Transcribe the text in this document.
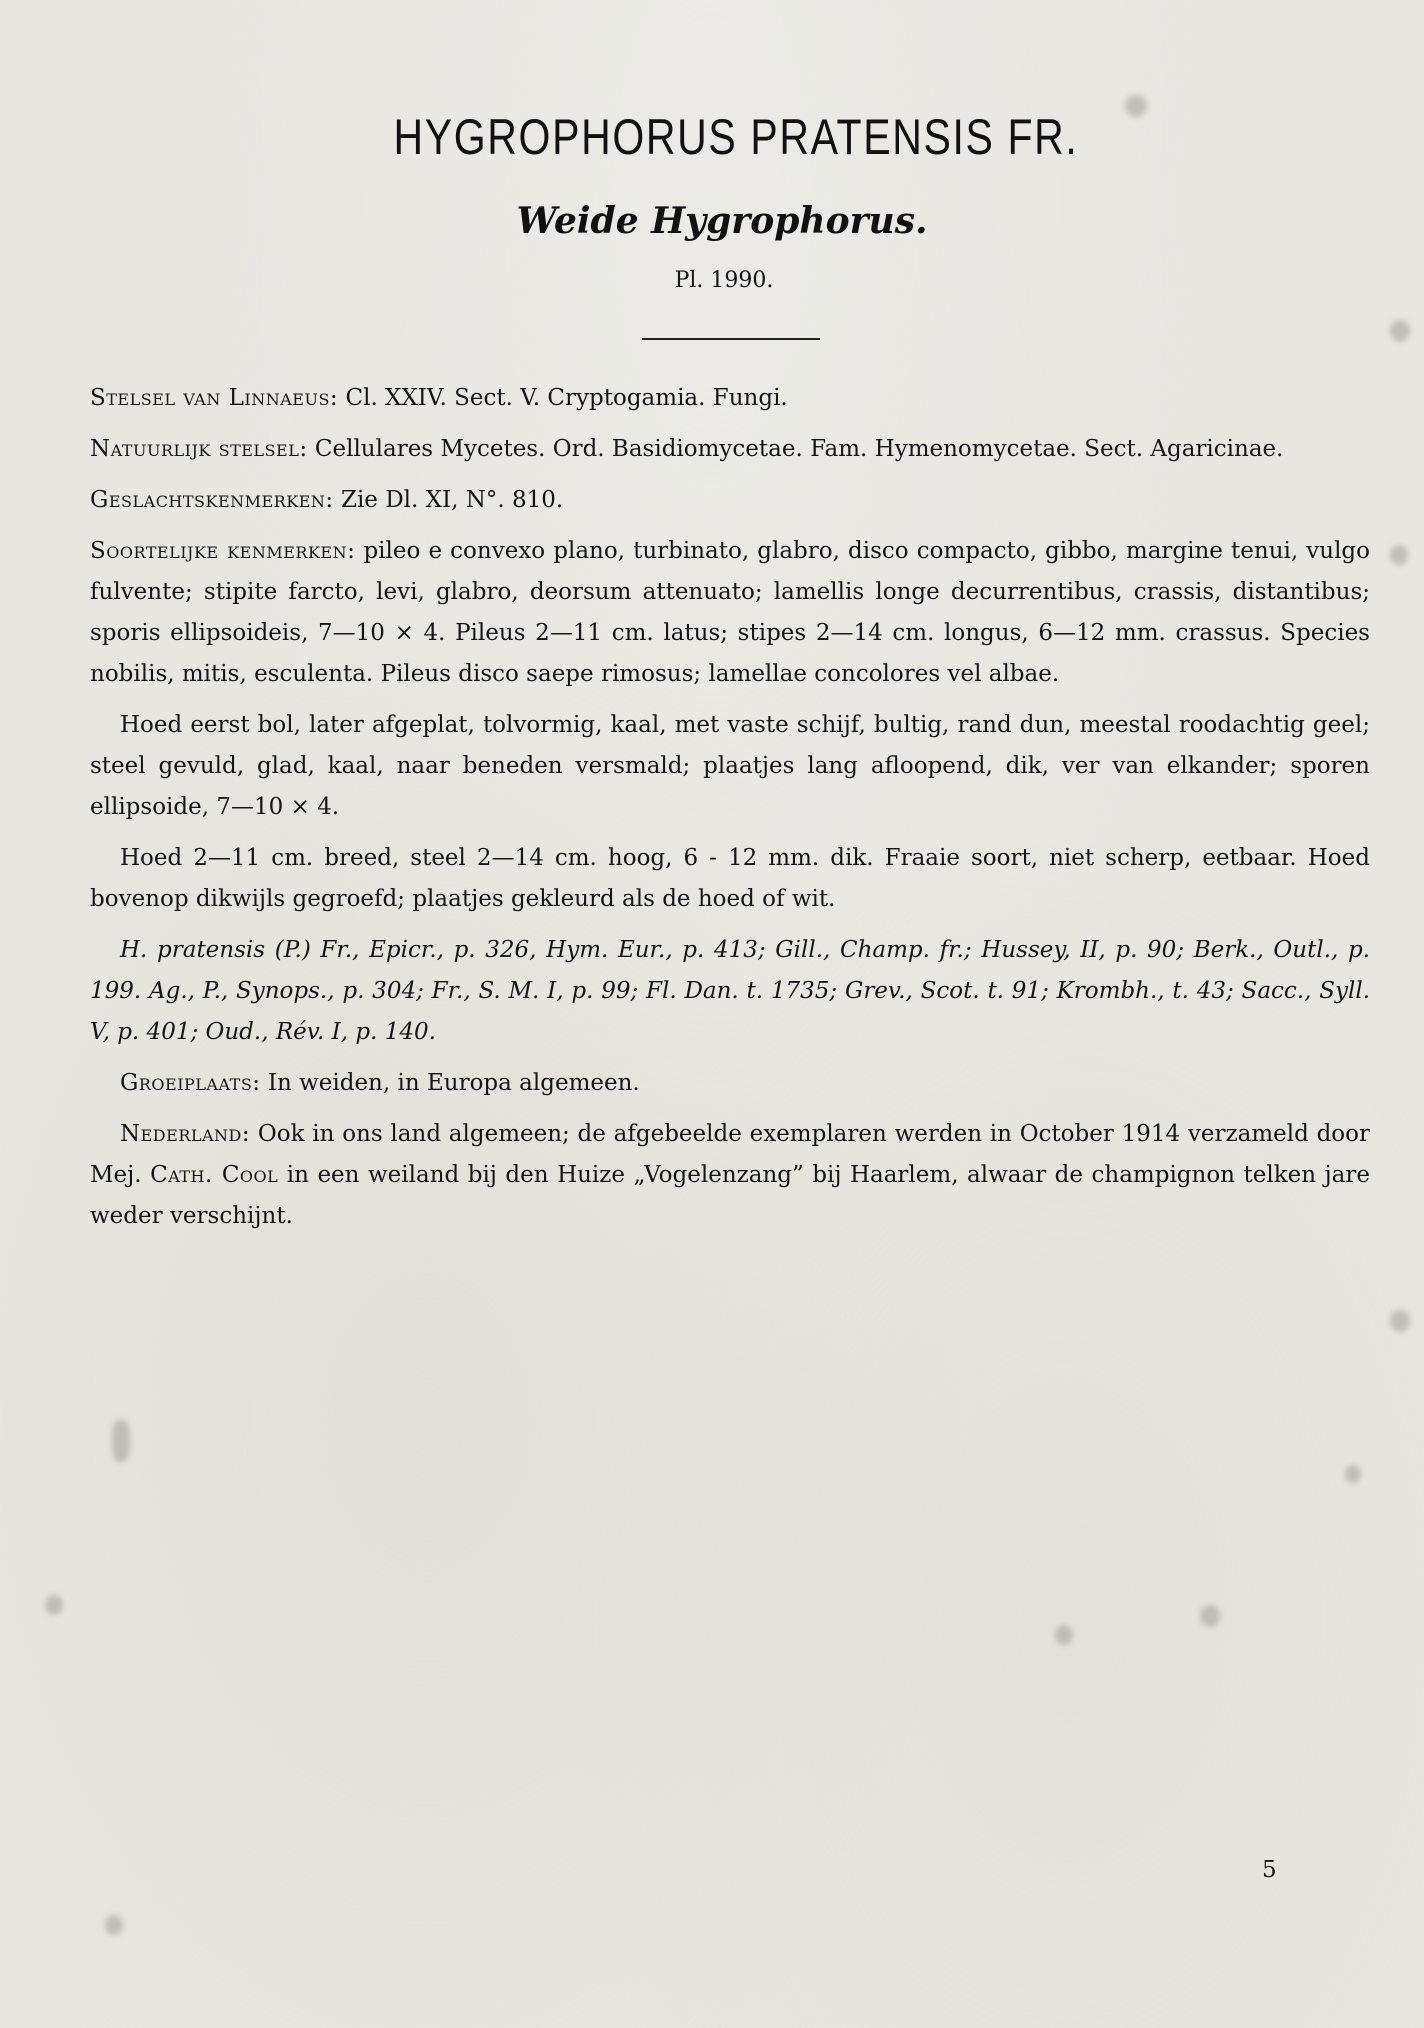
HYGROPHORUS PRATENSIS FR.
Weide Hygrophorus.
Pl. 1990.

Stelsel van Linnaeus: Cl. XXIV. Sect. V. Cryptogamia. Fungi.

Natuurlijk stelsel: Cellulares Mycetes. Ord. Basidiomycetae. Fam. Hymenomycetae. Sect. Agaricinae.

Geslachtskenmerken: Zie Dl. XI, N°. 810.

Soortelijke kenmerken: pileo e convexo plano, turbinato, glabro, disco compacto, gibbo, margine tenui, vulgo fulvente; stipite farcto, levi, glabro, deorsum attenuato; lamellis longe decurrentibus, crassis, distantibus; sporis ellipsoideis, 7—10 × 4. Pileus 2—11 cm. latus; stipes 2—14 cm. longus, 6—12 mm. crassus. Species nobilis, mitis, esculenta. Pileus disco saepe rimosus; lamellae concolores vel albae.

Hoed eerst bol, later afgeplat, tolvormig, kaal, met vaste schijf, bultig, rand dun, meestal roodachtig geel; steel gevuld, glad, kaal, naar beneden versmald; plaatjes lang afloopend, dik, ver van elkander; sporen ellipsoide, 7—10 × 4.

Hoed 2—11 cm. breed, steel 2—14 cm. hoog, 6 - 12 mm. dik. Fraaie soort, niet scherp, eetbaar. Hoed bovenop dikwijls gegroefd; plaatjes gekleurd als de hoed of wit.

H. pratensis (P.) Fr., Epicr., p. 326, Hym. Eur., p. 413; Gill., Champ. fr.; Hussey, II, p. 90; Berk., Outl., p. 199. Ag., P., Synops., p. 304; Fr., S. M. I, p. 99; Fl. Dan. t. 1735; Grev., Scot. t. 91; Krombh., t. 43; Sacc., Syll. V, p. 401; Oud., Rév. I, p. 140.

Groeiplaats: In weiden, in Europa algemeen.

Nederland: Ook in ons land algemeen; de afgebeelde exemplaren werden in October 1914 verzameld door Mej. Cath. Cool in een weiland bij den Huize „Vogelenzang” bij Haarlem, alwaar de champignon telken jare weder verschijnt.

5
